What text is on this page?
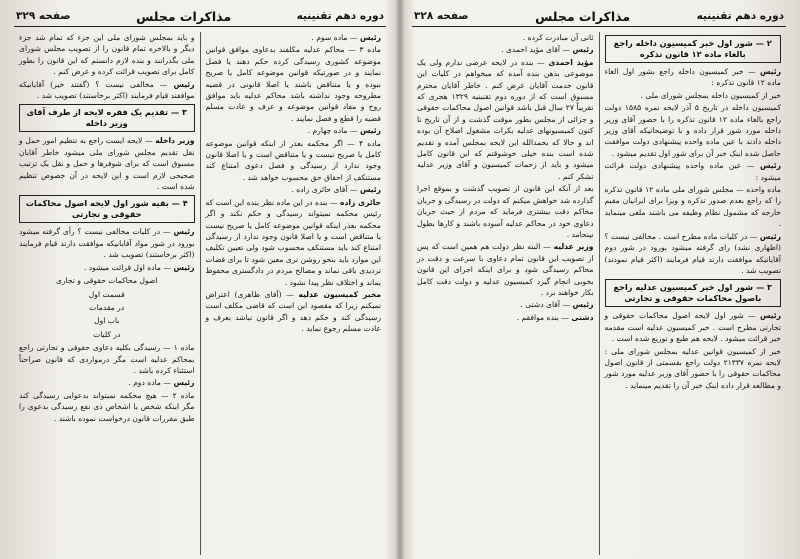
دوره دهم تقنینیه
مذاکرات مجلس
صفحه ۳۲۹

رئیس — ماده سوم .

ماده ۳ — محاکم عدلیه مکلفند بدعاوی موافق قوانین موضوعه کشوری رسیدگی کرده حکم دهند یا فصل نمایند و در صورتیکه قوانین موضوعه کامل یا صریح نبوده و یا متناقض باشند یا اصلا قانونی در قضیه مطروحه وجود نداشته باشد محاکم عدلیه باید موافق روح و مفاد قوانین موضوعه و عرف و عادت مسلم قضیه را قطع و فصل نمایند .

رئیس — ماده چهارم .

ماده ۴ — اگر محکمه بعذر از اینکه قوانین موضوعه کامل یا صریح نیست و یا متناقض است و یا اصلا قانون وجود ندارد از رسیدگی و فصل دعوی امتناع کند مستنکف از احقاق حق محسوب خواهد شد .

رئیس — آقای حائری زاده .

حائری زاده — بنده در این ماده نظر بنده این است که رئیس محکمه نمیتواند رسیدگی و حکم نکند و اگر محکمه بعذر اینکه قوانین موضوعه کامل یا صریح نیست یا متناقض است و یا اصلا قانون وجود ندارد از رسیدگی امتناع کند باید مستنکف محسوب شود ولی تعیین تکلیف این موارد باید بنحو روشن تری معین شود تا برای قضات تردیدی باقی نماند و مصالح مردم در دادگستری محفوظ بماند و اختلاف نظر پیدا نشود .

مخبر کمیسیون عدلیه — (آقای طاهری) اعتراض نمیکنم زیرا که مقصود این است که قاضی مکلف است رسیدگی کند و حکم دهد و اگر قانون نباشد بعرف و عادت مسلم رجوع نماید .

و باید بمجلس شورای ملی این جزء که تمام شد جزء دیگر و بالاخره تمام قانون را از تصویب مجلس شورای ملی بگذرانند و بنده لازم دانستم که این قانون را بطور کامل برای تصویب قرائت کرده و عرض کنم .

رئیس — مخالفی نیست ؟ (گفتند خیر) آقایانیکه موافقند قیام فرمایند (اکثر برخاستند) تصویب شد .

۳ — تقدیم یک فقره لایحه از طرف آقای وزیر داخله

وزیر داخله — لایحه ایست راجع به تنظیم امور حمل و نقل تقدیم مجلس شورای ملی میشود خاطر آقایان مسبوق است که برای شوفرها و حمل و نقل یک ترتیب صحیحی لازم است و این لایحه در آن خصوص تنظیم شده است .

۴ — بقیه شور اول لایحه اصول محاکمات حقوقی و تجارتی

رئیس — در کلیات مخالفی نیست ؟ رأی گرفته میشود بورود در شور مواد آقایانیکه موافقت دارند قیام فرمایند (اکثر برخاستند) تصویب شد .

رئیس — ماده اول قرائت میشود .

اصول محاکمات حقوقی و تجاری

قسمت اول

در مقدمات

باب اول

در کلیات

ماده ۱ — رسیدگی بکلیه دعاوی حقوقی و تجارتی راجع بمحاکم عدلیه است مگر درمواردی که قانون صراحتاً استثناء کرده باشد .

رئیس — ماده دوم .

ماده ۲ — هیچ محکمه نمیتواند بدعوایی رسیدگی کند مگر اینکه شخص یا اشخاص ذی نفع رسیدگی بدعوی را طبق مقررات قانون درخواست نموده باشند .

دوره دهم تقنینیه
مذاکرات مجلس
صفحه ۳۲۸

۲ — شور اول خبر کمیسیون داخله راجع بالغاء ماده ۱۲ قانون تذکره

رئیس — خبر کمیسیون داخله راجع بشور اول الغاء ماده ۱۲ قانون تذکره :

خبر از کمیسیون داخله بمجلس شورای ملی .

کمیسیون داخله در تاریخ ۵ آذر لایحه نمره ۱۵۸۵ دولت راجع بالغاء ماده ۱۲ قانون تذکره را با حضور آقای وزیر داخله مورد شور قرار داده و با توضیحاتیکه آقای وزیر داخله دادند با عین ماده واحده پیشنهادی دولت موافقت حاصل شده اینک خبر آن برای شور اول تقدیم میشود .

رئیس — عین ماده واحده پیشنهادی دولت قرائت میشود :

ماده واحده — مجلس شورای ملی ماده ۱۲ قانون تذکره را که راجع بعدم صدور تذکره و ویزا برای ایرانیان مقیم خارجه که مشمول نظام وظیفه می باشند ملغی مینماید .

رئیس — در کلیات ماده مطرح است . مخالفی نیست ؟ (اظهاری نشد) رای گرفته میشود بورود در شور دوم آقایانیکه موافقت دارند قیام فرمایند (اکثر قیام نمودند) تصویب شد .

۳ — شور اول خبر کمیسیون عدلیه راجع باصول محاکمات حقوقی و تجارتی

رئیس — شور اول لایحه اصول محاکمات حقوقی و تجارتی مطرح است . خبر کمیسیون عدلیه است مقدمه خبر قرائت میشود . لایحه هم طبع و توزیع شده است .

خبر از کمیسیون قوانین عدلیه بمجلس شورای ملی : لایحه نمره ۲۱۳۳۷ دولت راجع بقسمتی از قانون اصول محاکمات حقوقی را با حضور آقای وزیر عدلیه مورد شور و مطالعه قرار داده اینک خبر آن را تقدیم مینماید .

ثانی آن مبادرت کرده .

رئیس — آقای مؤید احمدی .

مؤید احمدی — بنده در لایحه عرضی ندارم ولی یک موضوعی بذهن بنده آمده که میخواهم در کلیات این قانون خدمت آقایان عرض کنم . خاطر آقایان محترم مسبوق است که از دوره دوم تقنینیه ۱۳۲۹ هجری که تقریباً ۲۷ سال قبل باشد قوانین اصول محاکمات حقوقی و جزائی از مجلس بطور موقت گذشت و از آن تاریخ تا کنون کمیسیونهای عدلیه بکرات مشغول اصلاح آن بوده اند و حالا که بحمدالله این لایحه بمجلس آمده و تقدیم شده است بنده خیلی خوشوقتم که این قانون کامل میشود و باید از زحمات کمیسیون و آقای وزیر عدلیه تشکر کنم .

بعد از آنکه این قانون از تصویب گذشت و بموقع اجرا گذارده شد خواهش میکنم که دولت در رسیدگی و جریان محاکم دقت بیشتری فرماید که مردم از حیث جریان دعاوی خود در محاکم عدلیه آسوده باشند و کارها بطول نینجامد .

وزیر عدلیه — البته نظر دولت هم همین است که پس از تصویب این قانون تمام دعاوی با سرعت و دقت در محاکم رسیدگی شود و برای اینکه اجرای این قانون بخوبی انجام گیرد کمیسیون عدلیه و دولت دقت کامل بکار خواهند برد .

رئیس — آقای دشتی .

دشتی — بنده موافقم .
